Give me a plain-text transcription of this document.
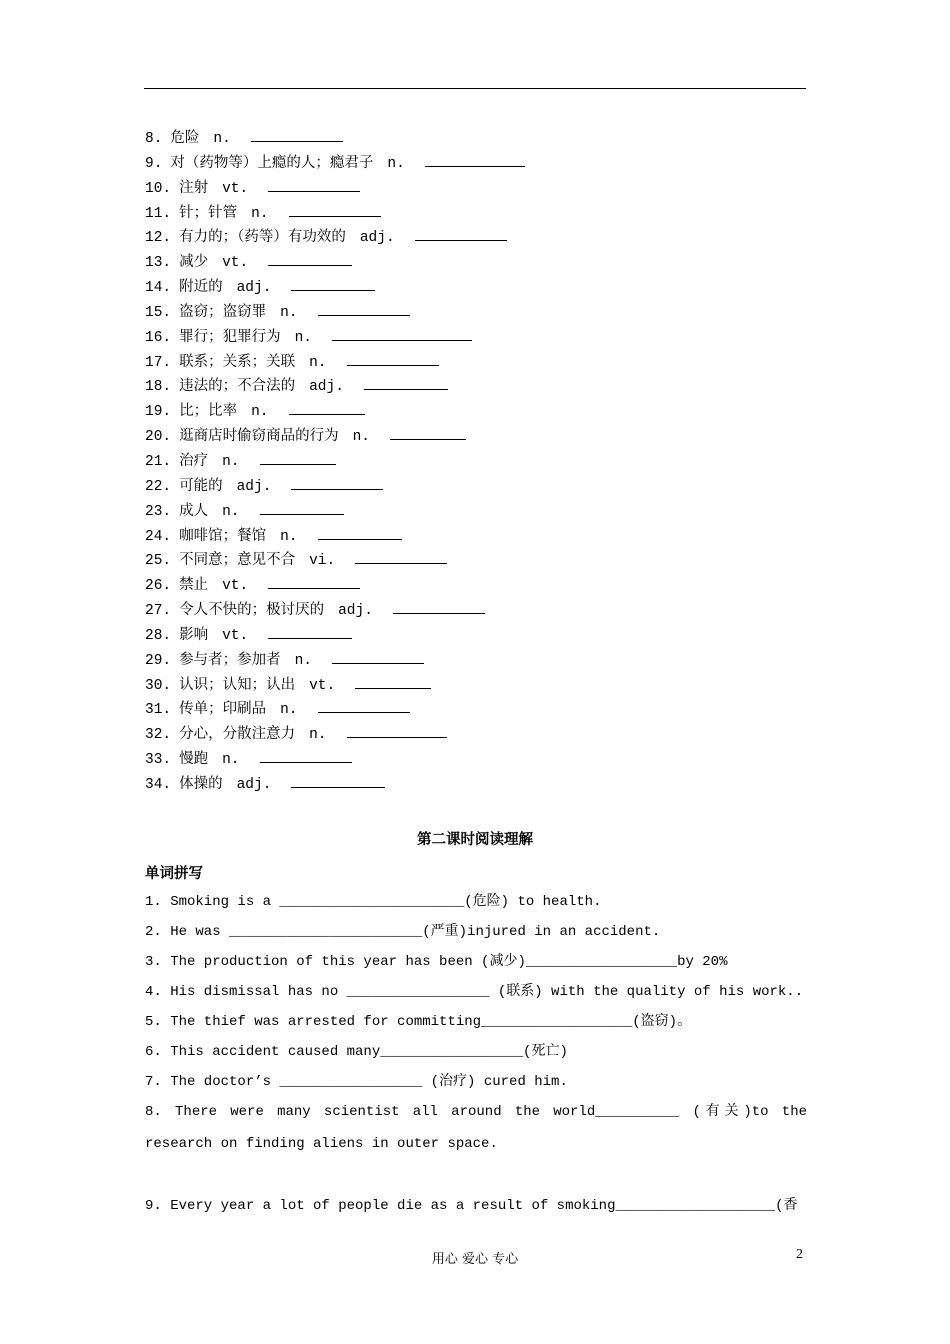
8. 危险 n.
9. 对（药物等）上瘾的人；瘾君子 n.
10. 注射 vt.
11. 针；针管 n.
12. 有力的；（药等）有功效的 adj.
13. 减少 vt.
14. 附近的 adj.
15. 盗窃；盗窃罪 n.
16. 罪行；犯罪行为 n.
17. 联系；关系；关联 n.
18. 违法的；不合法的 adj.
19. 比；比率 n.
20. 逛商店时偷窃商品的行为 n.
21. 治疗 n.
22. 可能的 adj.
23. 成人 n.
24. 咖啡馆；餐馆 n.
25. 不同意；意见不合 vi.
26. 禁止 vt.
27. 令人不快的；极讨厌的 adj.
28. 影响 vt.
29. 参与者；参加者 n.
30. 认识；认知；认出 vt.
31. 传单；印刷品 n.
32. 分心，分散注意力 n.
33. 慢跑 n.
34. 体操的 adj.
第二课时阅读理解
单词拼写
1. Smoking is a ______________________(危险) to health.
2. He was _______________________(严重)injured in an accident.
3. The production of this year has been (减少)__________________by 20%
4. His dismissal has no _________________ (联系) with the quality of his work..
5. The thief was arrested for committing__________________(盗窃)。
6. This accident caused many_________________(死亡)
7. The doctor’s _________________ (治疗) cured him.
8. There were many scientist all around the world__________ (有关)to the research on finding aliens in outer space.
9. Every year a lot of people die as a result of smoking___________________(香
用心 爱心 专心	2
